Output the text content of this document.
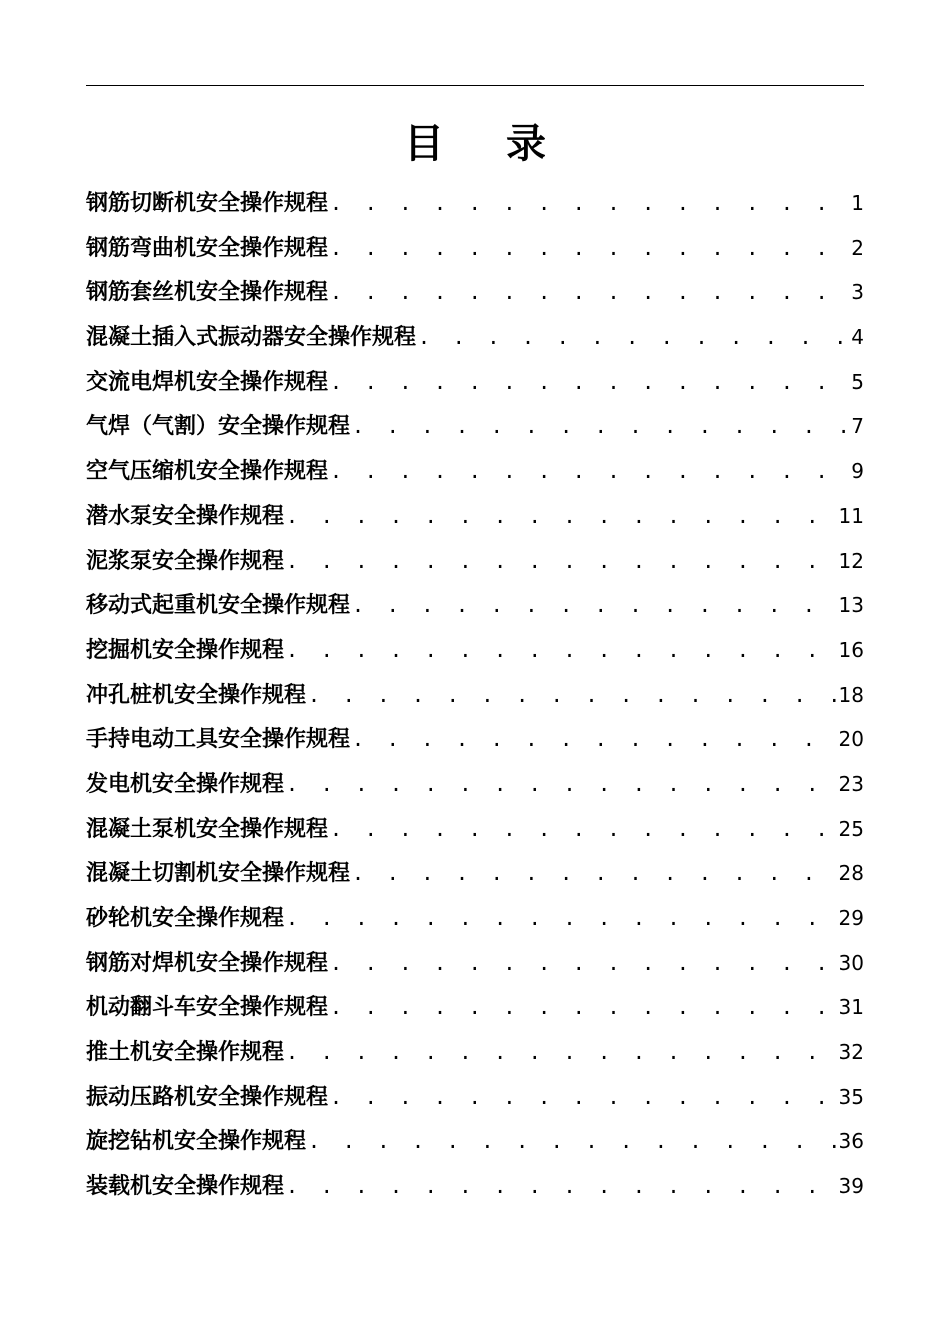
目录
钢筋切断机安全操作规程 . . .	1
钢筋弯曲机安全操作规程 . . .	2
钢筋套丝机安全操作规程 . . .	3
混凝土插入式振动器安全操作规程 . . .	4
交流电焊机安全操作规程 . . .	5
气焊（气割）安全操作规程 . . .	7
空气压缩机安全操作规程 . . .	9
潜水泵安全操作规程 . . .	11
泥浆泵安全操作规程 . . .	12
移动式起重机安全操作规程 . . .	13
挖掘机安全操作规程 . . .	16
冲孔桩机安全操作规程 . . .	18
手持电动工具安全操作规程 . . .	20
发电机安全操作规程 . . .	23
混凝土泵机安全操作规程 . . .	25
混凝土切割机安全操作规程 . . .	28
砂轮机安全操作规程 . . .	29
钢筋对焊机安全操作规程 . . .	30
机动翻斗车安全操作规程 . . .	31
推土机安全操作规程 . . .	32
振动压路机安全操作规程 . . .	35
旋挖钻机安全操作规程 . . .	36
装载机安全操作规程 . . .	39
